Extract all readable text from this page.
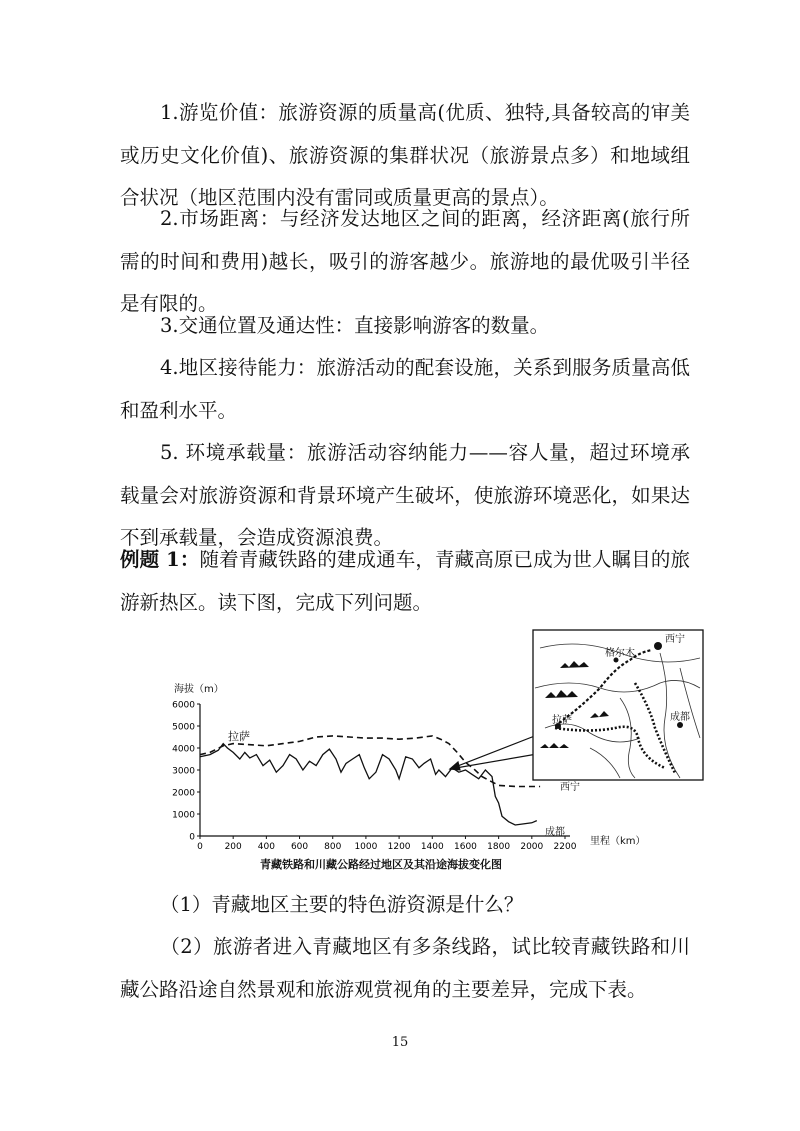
1.游览价值：旅游资源的质量高(优质、独特,具备较高的审美或历史文化价值)、旅游资源的集群状况（旅游景点多）和地域组合状况（地区范围内没有雷同或质量更高的景点）。
2.市场距离：与经济发达地区之间的距离，经济距离(旅行所需的时间和费用)越长，吸引的游客越少。旅游地的最优吸引半径是有限的。
3.交通位置及通达性：直接影响游客的数量。
4.地区接待能力：旅游活动的配套设施，关系到服务质量高低和盈利水平。
5. 环境承载量：旅游活动容纳能力——容人量，超过环境承载量会对旅游资源和背景环境产生破坏，使旅游环境恶化，如果达不到承载量，会造成资源浪费。
例题 1：随着青藏铁路的建成通车，青藏高原已成为世人瞩目的旅游新热区。读下图，完成下列问题。
0
1000
2000
3000
4000
5000
6000
0 200 400 600 800 1000 1200 1400 1600 1800 2000 2200
海拔（m）
里程（km）
拉萨
西宁
成都
青藏铁路和川藏公路经过地区及其沿途海拔变化图
西宁
格尔木
拉萨	成都
（1）青藏地区主要的特色游资源是什么？
（2）旅游者进入青藏地区有多条线路，试比较青藏铁路和川藏公路沿途自然景观和旅游观赏视角的主要差异，完成下表。
15
